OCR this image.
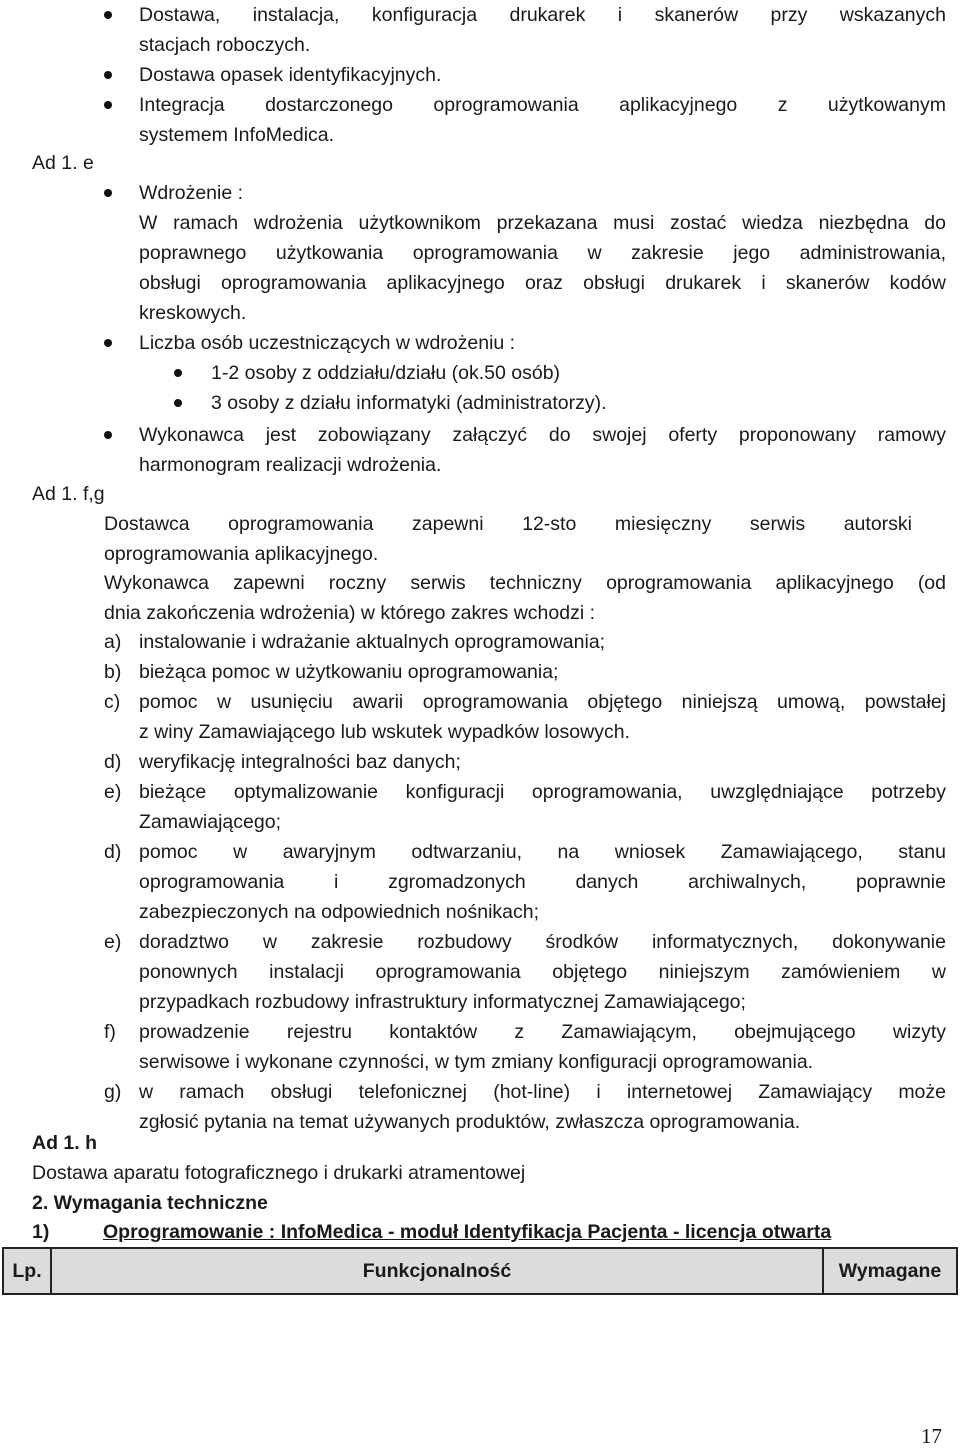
Dostawa, instalacja, konfiguracja drukarek i skanerów przy wskazanych
stacjach roboczych.
Dostawa opasek identyfikacyjnych.
Integracja dostarczonego oprogramowania aplikacyjnego z użytkowanym
systemem InfoMedica.
Ad 1. e
Wdrożenie :
W ramach wdrożenia użytkownikom przekazana musi zostać wiedza niezbędna do
poprawnego użytkowania oprogramowania w zakresie jego administrowania,
obsługi oprogramowania aplikacyjnego oraz obsługi drukarek i skanerów kodów
kreskowych.
Liczba osób uczestniczących w wdrożeniu :
1-2 osoby z oddziału/działu (ok.50 osób)
3 osoby z działu informatyki (administratorzy).
Wykonawca jest zobowiązany załączyć do swojej oferty proponowany ramowy
harmonogram realizacji wdrożenia.
Ad 1. f,g
Dostawca oprogramowania zapewni 12-sto miesięczny serwis autorski
oprogramowania aplikacyjnego.
Wykonawca zapewni roczny serwis techniczny oprogramowania aplikacyjnego (od
dnia zakończenia wdrożenia) w którego zakres wchodzi :
a) instalowanie i wdrażanie aktualnych oprogramowania;
b) bieżąca pomoc w użytkowaniu oprogramowania;
c) pomoc w usunięciu awarii oprogramowania objętego niniejszą umową, powstałej
z winy Zamawiającego lub wskutek wypadków losowych.
d) weryfikację integralności baz danych;
e) bieżące optymalizowanie konfiguracji oprogramowania, uwzględniające potrzeby
Zamawiającego;
d) pomoc w awaryjnym odtwarzaniu, na wniosek Zamawiającego, stanu
oprogramowania i zgromadzonych danych archiwalnych, poprawnie
zabezpieczonych na odpowiednich nośnikach;
e) doradztwo w zakresie rozbudowy środków informatycznych, dokonywanie
ponownych instalacji oprogramowania objętego niniejszym zamówieniem w
przypadkach rozbudowy infrastruktury informatycznej Zamawiającego;
f) prowadzenie rejestru kontaktów z Zamawiającym, obejmującego wizyty
serwisowe i wykonane czynności, w tym zmiany konfiguracji oprogramowania.
g) w ramach obsługi telefonicznej (hot-line) i internetowej Zamawiający może
zgłosić pytania na temat używanych produktów, zwłaszcza oprogramowania.
Ad 1. h
Dostawa aparatu fotograficznego i drukarki atramentowej
2. Wymagania techniczne
1)	Oprogramowanie : InfoMedica - moduł Identyfikacja Pacjenta - licencja otwarta
Lp.	Funkcjonalność	Wymagane
17
